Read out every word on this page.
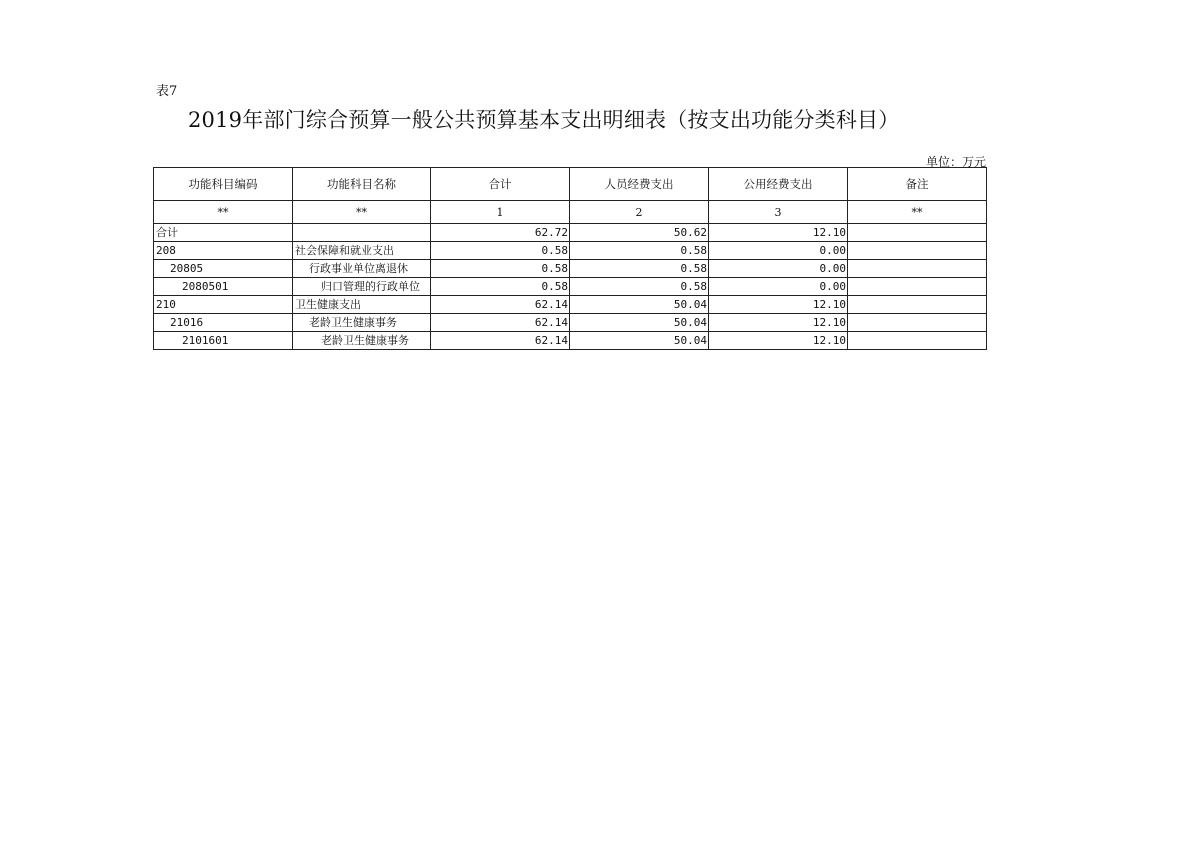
表7
2019年部门综合预算一般公共预算基本支出明细表（按支出功能分类科目）
单位：万元
功能科目编码	功能科目名称	合计	人员经费支出	公用经费支出	备注
**	**	1	2	3	**
合计		62.72	50.62	12.10	
208	社会保障和就业支出	0.58	0.58	0.00	
20805	行政事业单位离退休	0.58	0.58	0.00	
2080501	归口管理的行政单位	0.58	0.58	0.00	
210	卫生健康支出	62.14	50.04	12.10	
21016	老龄卫生健康事务	62.14	50.04	12.10	
2101601	老龄卫生健康事务	62.14	50.04	12.10	
